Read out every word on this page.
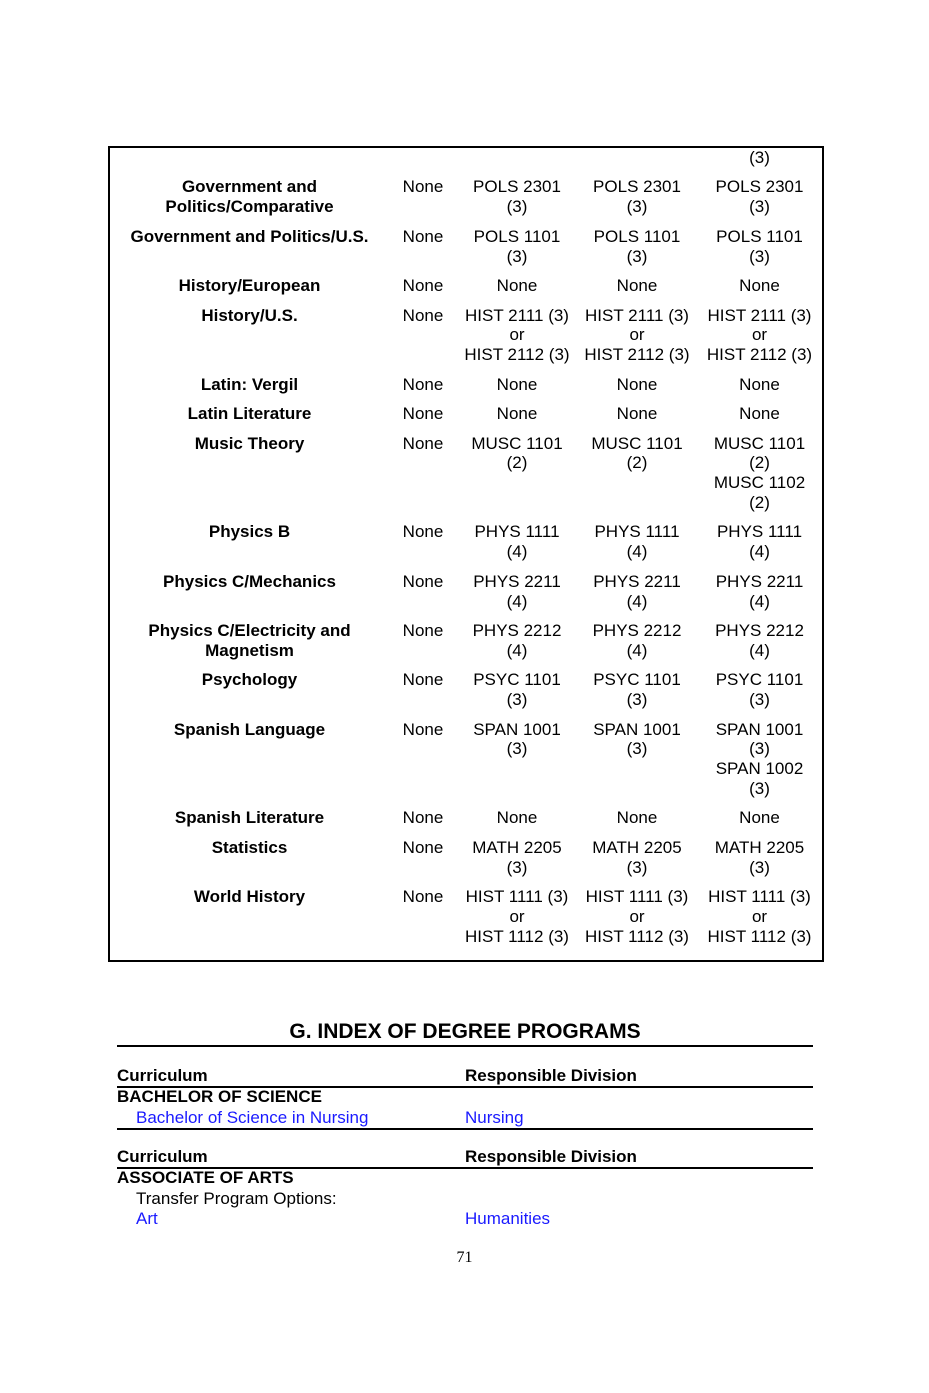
				(3)

Government and
Politics/Comparative	None	POLS 2301
(3)	POLS 2301
(3)	POLS 2301
(3)

Government and Politics/U.S.	None	POLS 1101
(3)	POLS 1101
(3)	POLS 1101
(3)

History/European	None	None	None	None

History/U.S.	None	HIST 2111 (3)
or
HIST 2112 (3)	HIST 2111 (3)
or
HIST 2112 (3)	HIST 2111 (3)
or
HIST 2112 (3)

Latin: Vergil	None	None	None	None

Latin Literature	None	None	None	None

Music Theory	None	MUSC 1101
(2)	MUSC 1101
(2)	MUSC 1101
(2)
MUSC 1102
(2)

Physics B	None	PHYS 1111
(4)	PHYS 1111
(4)	PHYS 1111
(4)

Physics C/Mechanics	None	PHYS 2211
(4)	PHYS 2211
(4)	PHYS 2211
(4)

Physics C/Electricity and
Magnetism	None	PHYS 2212
(4)	PHYS 2212
(4)	PHYS 2212
(4)

Psychology	None	PSYC 1101
(3)	PSYC 1101
(3)	PSYC 1101
(3)

Spanish Language	None	SPAN 1001
(3)	SPAN 1001
(3)	SPAN 1001
(3)
SPAN 1002
(3)

Spanish Literature	None	None	None	None

Statistics	None	MATH 2205
(3)	MATH 2205
(3)	MATH 2205
(3)

World History	None	HIST 1111 (3)
or
HIST 1112 (3)	HIST 1111 (3)
or
HIST 1112 (3)	HIST 1111 (3)
or
HIST 1112 (3)
G. INDEX OF DEGREE PROGRAMS
Curriculum	Responsible Division
BACHELOR OF SCIENCE
Bachelor of Science in Nursing	Nursing
Curriculum	Responsible Division
ASSOCIATE OF ARTS
Transfer Program Options:
Art	Humanities
71
